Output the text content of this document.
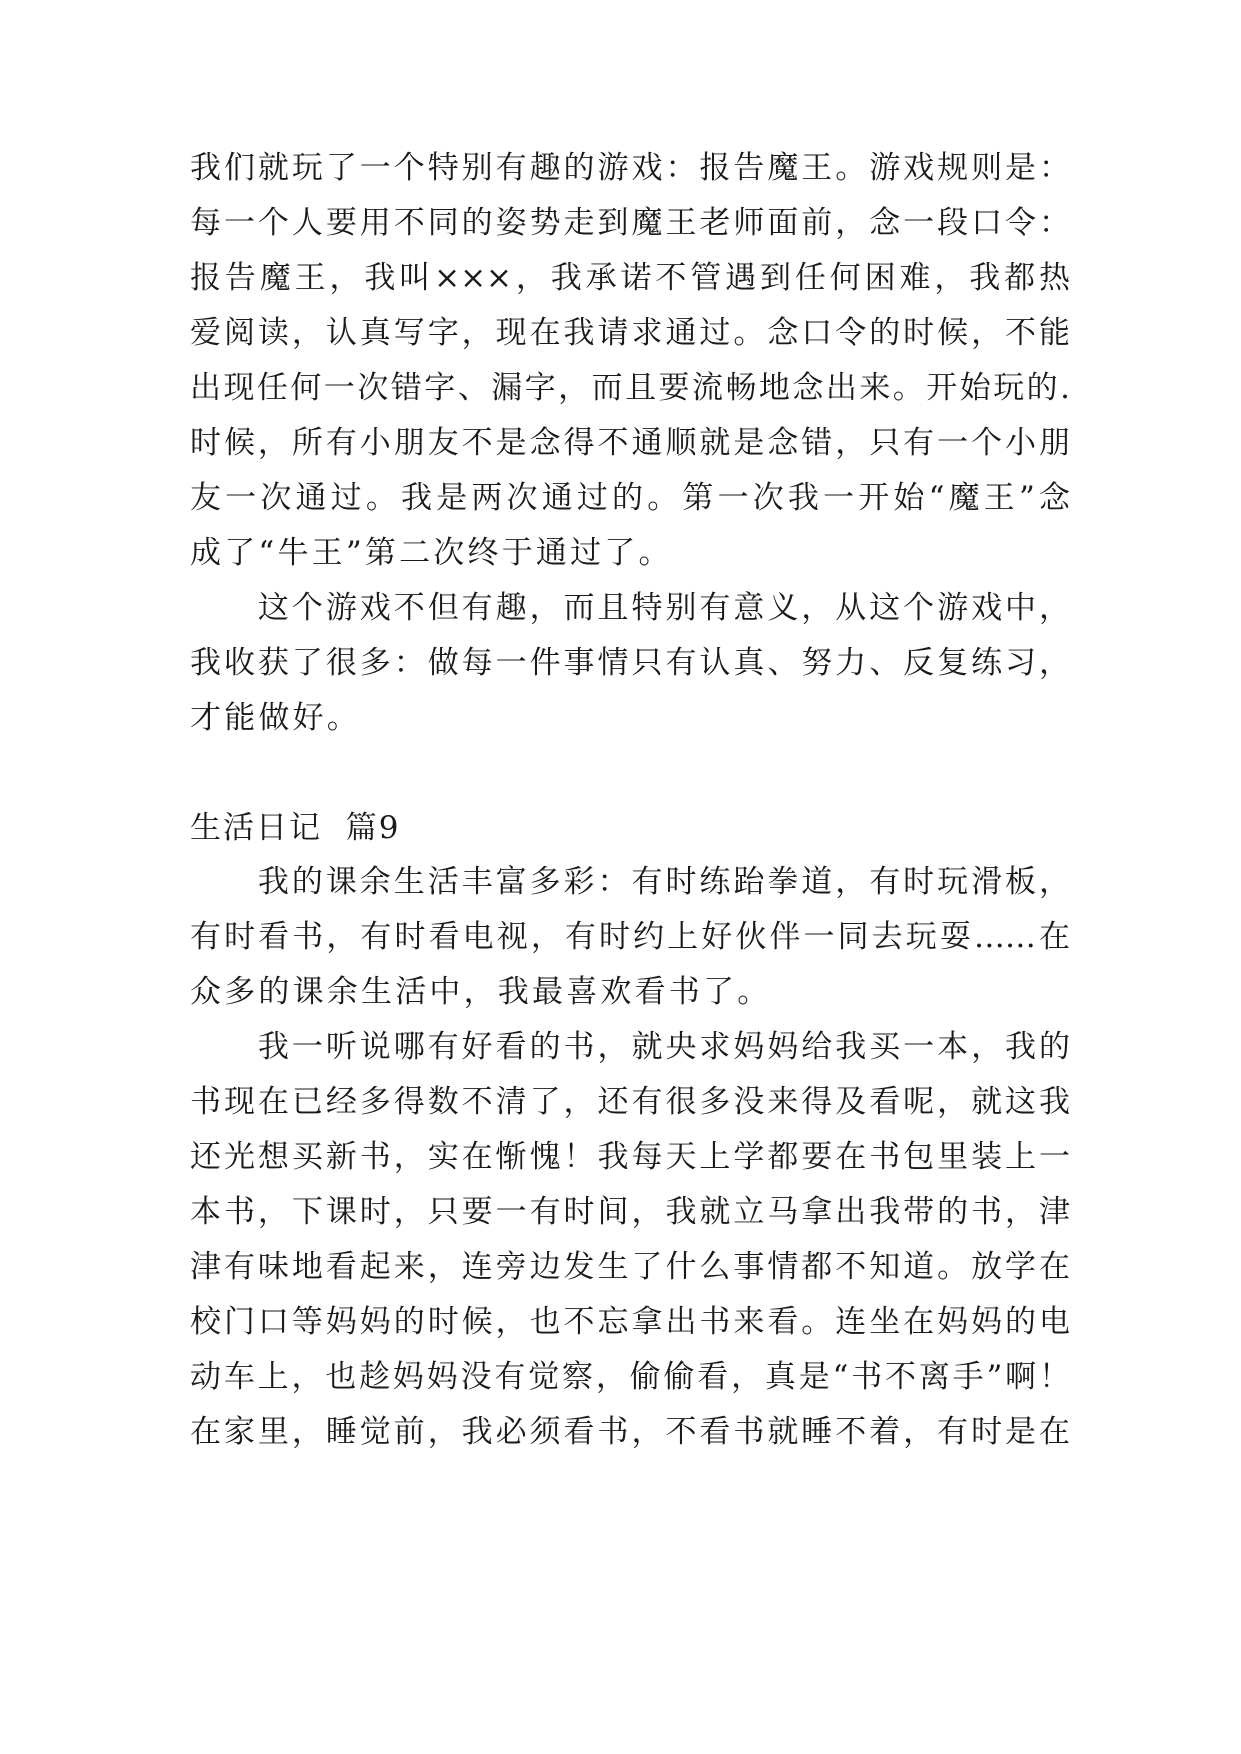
我们就玩了一个特别有趣的游戏：报告魔王。游戏规则是：
每一个人要用不同的姿势走到魔王老师面前，念一段口令：
报告魔王，我叫×××，我承诺不管遇到任何困难，我都热
爱阅读，认真写字，现在我请求通过。念口令的时候，不能
出现任何一次错字、漏字，而且要流畅地念出来。开始玩的.
时候，所有小朋友不是念得不通顺就是念错，只有一个小朋
友一次通过。我是两次通过的。第一次我一开始“魔王”念
成了“牛王”第二次终于通过了。
　　这个游戏不但有趣，而且特别有意义，从这个游戏中，
我收获了很多：做每一件事情只有认真、努力、反复练习，
才能做好。
生活日记  篇9
　　我的课余生活丰富多彩：有时练跆拳道，有时玩滑板，
有时看书，有时看电视，有时约上好伙伴一同去玩耍……在
众多的课余生活中，我最喜欢看书了。
　　我一听说哪有好看的书，就央求妈妈给我买一本，我的
书现在已经多得数不清了，还有很多没来得及看呢，就这我
还光想买新书，实在惭愧！我每天上学都要在书包里装上一
本书，下课时，只要一有时间，我就立马拿出我带的书，津
津有味地看起来，连旁边发生了什么事情都不知道。放学在
校门口等妈妈的时候，也不忘拿出书来看。连坐在妈妈的电
动车上，也趁妈妈没有觉察，偷偷看，真是“书不离手”啊！
在家里，睡觉前，我必须看书，不看书就睡不着，有时是在
